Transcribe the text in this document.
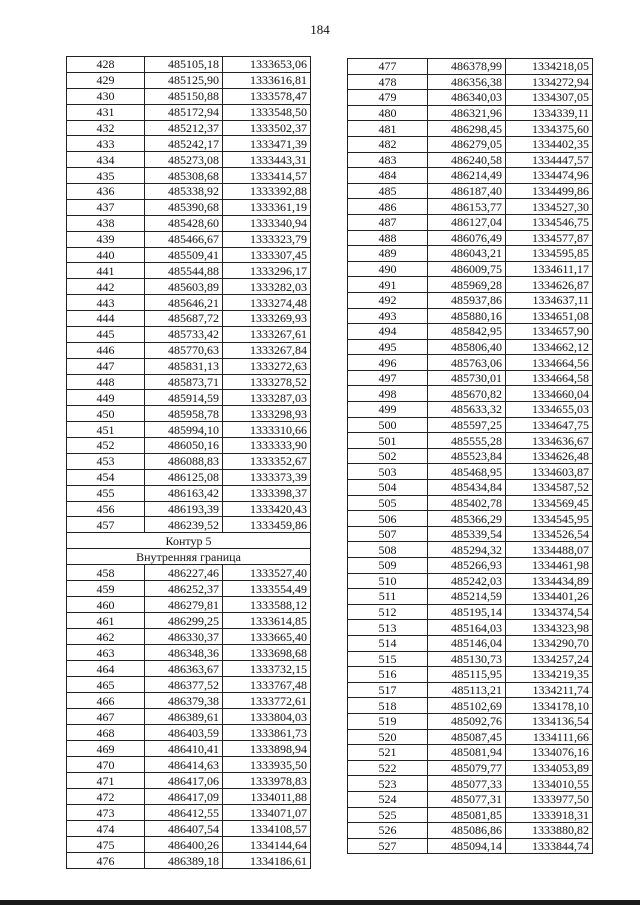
184
428	485105,18	1333653,06
429	485125,90	1333616,81
430	485150,88	1333578,47
431	485172,94	1333548,50
432	485212,37	1333502,37
433	485242,17	1333471,39
434	485273,08	1333443,31
435	485308,68	1333414,57
436	485338,92	1333392,88
437	485390,68	1333361,19
438	485428,60	1333340,94
439	485466,67	1333323,79
440	485509,41	1333307,45
441	485544,88	1333296,17
442	485603,89	1333282,03
443	485646,21	1333274,48
444	485687,72	1333269,93
445	485733,42	1333267,61
446	485770,63	1333267,84
447	485831,13	1333272,63
448	485873,71	1333278,52
449	485914,59	1333287,03
450	485958,78	1333298,93
451	485994,10	1333310,66
452	486050,16	1333333,90
453	486088,83	1333352,67
454	486125,08	1333373,39
455	486163,42	1333398,37
456	486193,39	1333420,43
457	486239,52	1333459,86
Контур 5		
Внутренняя граница		
458	486227,46	1333527,40
459	486252,37	1333554,49
460	486279,81	1333588,12
461	486299,25	1333614,85
462	486330,37	1333665,40
463	486348,36	1333698,68
464	486363,67	1333732,15
465	486377,52	1333767,48
466	486379,38	1333772,61
467	486389,61	1333804,03
468	486403,59	1333861,73
469	486410,41	1333898,94
470	486414,63	1333935,50
471	486417,06	1333978,83
472	486417,09	1334011,88
473	486412,55	1334071,07
474	486407,54	1334108,57
475	486400,26	1334144,64
476	486389,18	1334186,61
477	486378,99	1334218,05
478	486356,38	1334272,94
479	486340,03	1334307,05
480	486321,96	1334339,11
481	486298,45	1334375,60
482	486279,05	1334402,35
483	486240,58	1334447,57
484	486214,49	1334474,96
485	486187,40	1334499,86
486	486153,77	1334527,30
487	486127,04	1334546,75
488	486076,49	1334577,87
489	486043,21	1334595,85
490	486009,75	1334611,17
491	485969,28	1334626,87
492	485937,86	1334637,11
493	485880,16	1334651,08
494	485842,95	1334657,90
495	485806,40	1334662,12
496	485763,06	1334664,56
497	485730,01	1334664,58
498	485670,82	1334660,04
499	485633,32	1334655,03
500	485597,25	1334647,75
501	485555,28	1334636,67
502	485523,84	1334626,48
503	485468,95	1334603,87
504	485434,84	1334587,52
505	485402,78	1334569,45
506	485366,29	1334545,95
507	485339,54	1334526,54
508	485294,32	1334488,07
509	485266,93	1334461,98
510	485242,03	1334434,89
511	485214,59	1334401,26
512	485195,14	1334374,54
513	485164,03	1334323,98
514	485146,04	1334290,70
515	485130,73	1334257,24
516	485115,95	1334219,35
517	485113,21	1334211,74
518	485102,69	1334178,10
519	485092,76	1334136,54
520	485087,45	1334111,66
521	485081,94	1334076,16
522	485079,77	1334053,89
523	485077,33	1334010,55
524	485077,31	1333977,50
525	485081,85	1333918,31
526	485086,86	1333880,82
527	485094,14	1333844,74
